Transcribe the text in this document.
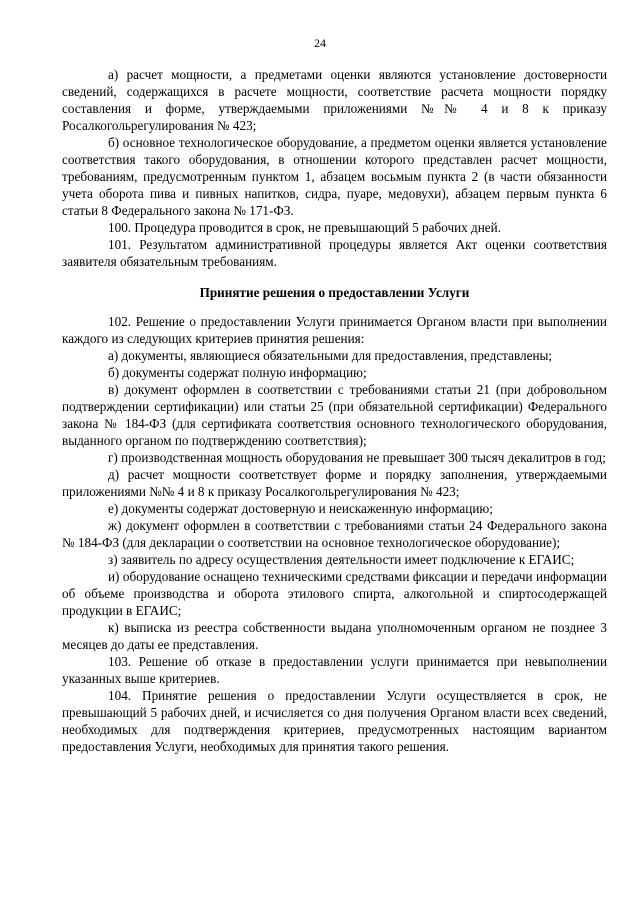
24

а) расчет мощности, а предметами оценки являются установление достоверности сведений, содержащихся в расчете мощности, соответствие расчета мощности порядку составления и форме, утверждаемыми приложениями №№ 4 и 8 к приказу Росалкогольрегулирования № 423;

б) основное технологическое оборудование, а предметом оценки является установление соответствия такого оборудования, в отношении которого представлен расчет мощности, требованиям, предусмотренным пунктом 1, абзацем восьмым пункта 2 (в части обязанности учета оборота пива и пивных напитков, сидра, пуаре, медовухи), абзацем первым пункта 6 статьи 8 Федерального закона № 171-ФЗ.

100. Процедура проводится в срок, не превышающий 5 рабочих дней.

101. Результатом административной процедуры является Акт оценки соответствия заявителя обязательным требованиям.

Принятие решения о предоставлении Услуги

102. Решение о предоставлении Услуги принимается Органом власти при выполнении каждого из следующих критериев принятия решения:

а) документы, являющиеся обязательными для предоставления, представлены;

б) документы содержат полную информацию;

в) документ оформлен в соответствии с требованиями статьи 21 (при добровольном подтверждении сертификации) или статьи 25 (при обязательной сертификации) Федерального закона № 184-ФЗ (для сертификата соответствия основного технологического оборудования, выданного органом по подтверждению соответствия);

г) производственная мощность оборудования не превышает 300 тысяч декалитров в год;

д) расчет мощности соответствует форме и порядку заполнения, утверждаемыми приложениями №№ 4 и 8 к приказу Росалкогольрегулирования № 423;

е) документы содержат достоверную и неискаженную информацию;

ж) документ оформлен в соответствии с требованиями статьи 24 Федерального закона № 184-ФЗ (для декларации о соответствии на основное технологическое оборудование);

з) заявитель по адресу осуществления деятельности имеет подключение к ЕГАИС;

и) оборудование оснащено техническими средствами фиксации и передачи информации об объеме производства и оборота этилового спирта, алкогольной и спиртосодержащей продукции в ЕГАИС;

к) выписка из реестра собственности выдана уполномоченным органом не позднее 3 месяцев до даты ее представления.

103. Решение об отказе в предоставлении услуги принимается при невыполнении указанных выше критериев.

104. Принятие решения о предоставлении Услуги осуществляется в срок, не превышающий 5 рабочих дней, и исчисляется со дня получения Органом власти всех сведений, необходимых для подтверждения критериев, предусмотренных настоящим вариантом предоставления Услуги, необходимых для принятия такого решения.
